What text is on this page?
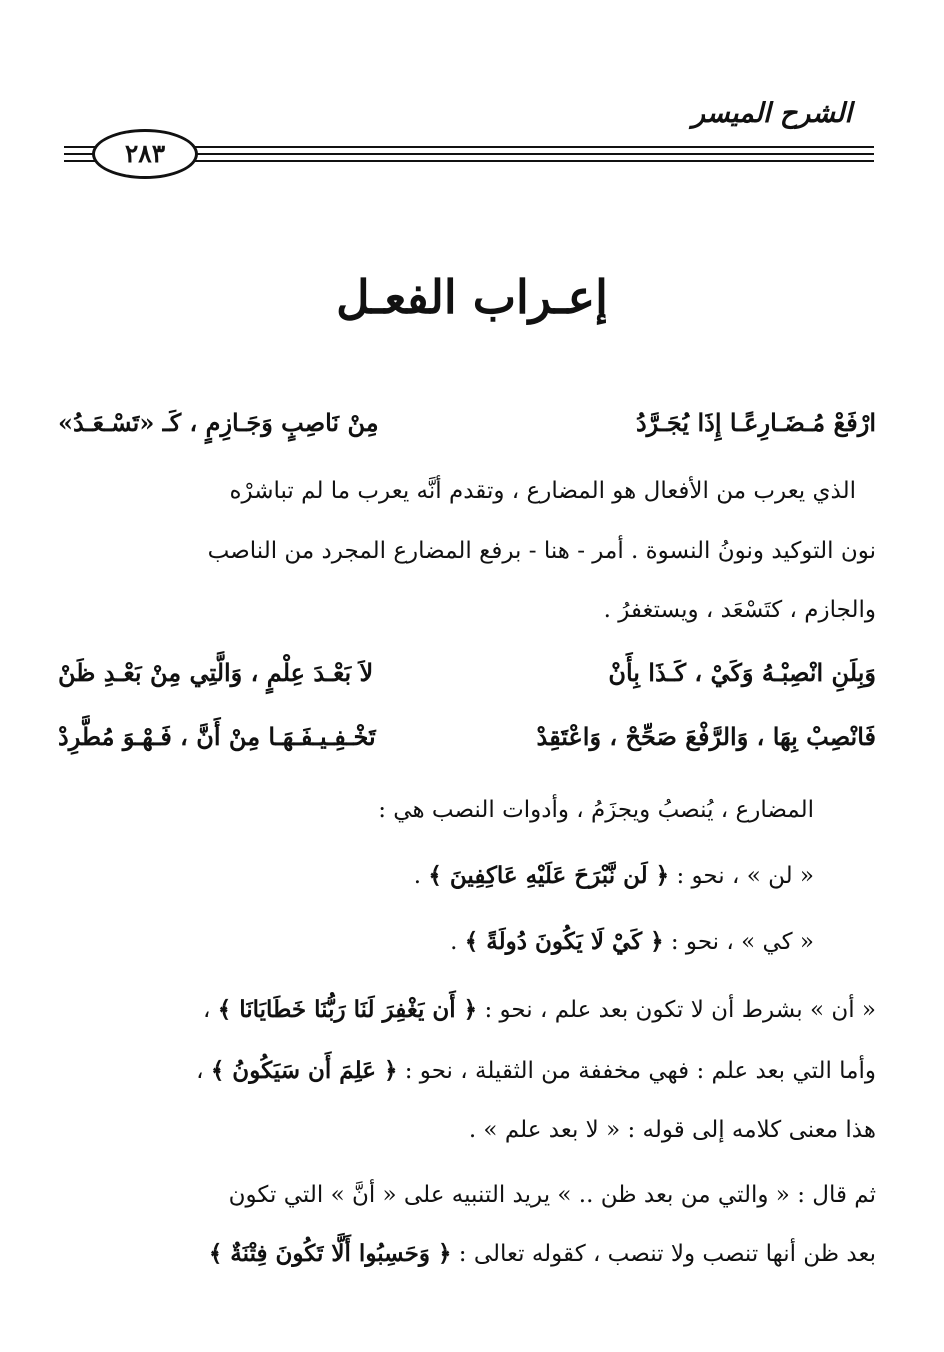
الشرح الميسر
٢٨٣
إعـراب الفعـل
ارْفَعْ مُـضَـارِعًـا إِذَا يُجَـرَّدُ
مِنْ نَاصِبٍ وَجَـازِمٍ ، كَـ «تَسْـعَـدُ»
الذي يعرب من الأفعال هو المضارع ، وتقدم أنَّه يعرب ما لم تباشرْه
نون التوكيد ونونُ النسوة . أمر - هنا - برفع المضارع المجرد من الناصب
والجازم ، كتَسْعَد ، ويستغفرُ .
وَبِلَنِ انْصِبْـهُ وَكَيْ ، كَـذَا بِأَنْ
لاَ بَعْـدَ عِلْمٍ ، وَالَّتِي مِنْ بَعْـدِ ظَنْ
فَانْصِبْ بِهَا ، وَالرَّفْعَ صَحِّحْ ، وَاعْتَقِدْ
تَخْـفِـيـفَـهَـا مِنْ أَنَّ ، فَـهْـوَ مُطَّرِدْ
المضارع ، يُنصبُ ويجزَمُ ، وأدوات النصب هي :
« لن » ، نحو : ﴿ لَن نَّبْرَحَ عَلَيْهِ عَاكِفِينَ ﴾ .
« كي » ، نحو : ﴿ كَيْ لَا يَكُونَ دُولَةً ﴾ .
« أن » بشرط أن لا تكون بعد علم ، نحو : ﴿ أَن يَغْفِرَ لَنَا رَبُّنَا خَطَايَانَا ﴾ ،
وأما التي بعد علم : فهي مخففة من الثقيلة ، نحو : ﴿ عَلِمَ أَن سَيَكُونُ ﴾ ،
هذا معنى كلامه إلى قوله : « لا بعد علم » .
ثم قال : « والتي من بعد ظن .. » يريد التنبيه على « أنَّ » التي تكون
بعد ظن أنها تنصب ولا تنصب ، كقوله تعالى : ﴿ وَحَسِبُوا أَلَّا تَكُونَ فِتْنَةٌ ﴾
